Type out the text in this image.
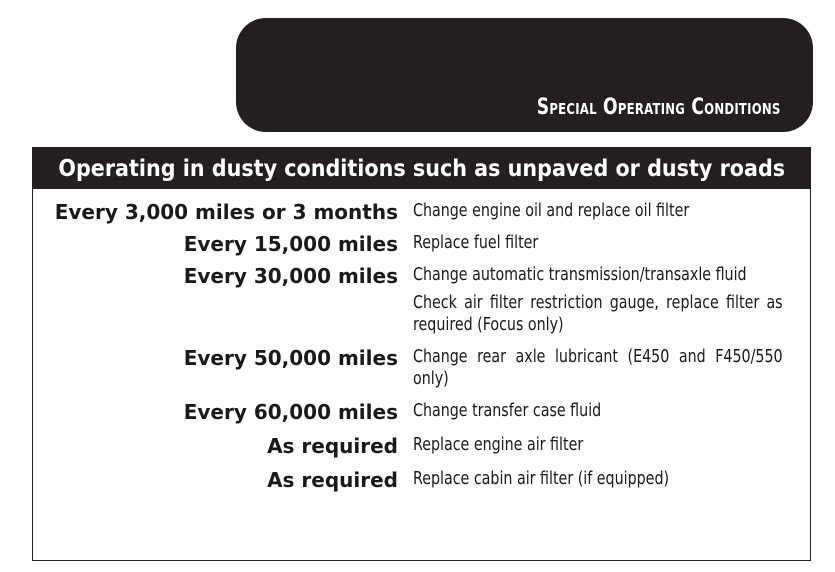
Special Operating Conditions
Operating in dusty conditions such as unpaved or dusty roads
Every 3,000 miles or 3 months Change engine oil and replace oil filter
Every 15,000 miles Replace fuel filter
Every 30,000 miles Change automatic transmission/transaxle fluid
Check air filter restriction gauge, replace filter as required (Focus only)
Every 50,000 miles Change rear axle lubricant (E450 and F450/550 only)
Every 60,000 miles Change transfer case fluid
As required Replace engine air filter
As required Replace cabin air filter (if equipped)
